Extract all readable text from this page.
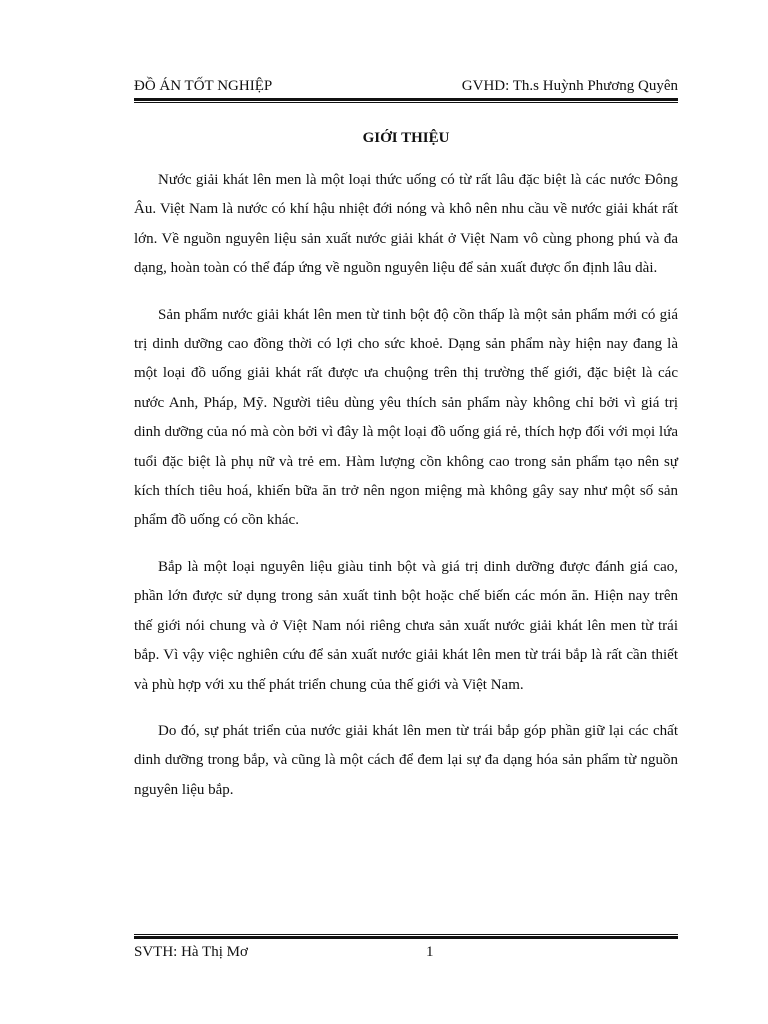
ĐỒ ÁN TỐT NGHIỆP	GVHD: Th.s Huỳnh Phương Quyên
GIỚI THIỆU

Nước giải khát lên men là một loại thức uống có từ rất lâu đặc biệt là các nước Đông Âu. Việt Nam là nước có khí hậu nhiệt đới nóng và khô nên nhu cầu về nước giải khát rất lớn. Về nguồn nguyên liệu sản xuất nước giải khát ở Việt Nam vô cùng phong phú và đa dạng, hoàn toàn có thể đáp ứng về nguồn nguyên liệu để sản xuất được ổn định lâu dài.

Sản phẩm nước giải khát lên men từ tinh bột độ cồn thấp là một sản phẩm mới có giá trị dinh dưỡng cao đồng thời có lợi cho sức khoẻ. Dạng sản phẩm này hiện nay đang là một loại đồ uống giải khát rất được ưa chuộng trên thị trường thế giới, đặc biệt là các nước Anh, Pháp, Mỹ. Người tiêu dùng yêu thích sản phẩm này không chỉ bởi vì giá trị dinh dưỡng của nó mà còn bởi vì đây là một loại đồ uống giá rẻ, thích hợp đối với mọi lứa tuổi đặc biệt là phụ nữ và trẻ em. Hàm lượng cồn không cao trong sản phẩm tạo nên sự kích thích tiêu hoá, khiến bữa ăn trở nên ngon miệng mà không gây say như một số sản phẩm đồ uống có cồn khác.

Bắp là một loại nguyên liệu giàu tinh bột và giá trị dinh dưỡng được đánh giá cao, phần lớn được sử dụng trong sản xuất tinh bột hoặc chế biến các món ăn. Hiện nay trên thế giới nói chung và ở Việt Nam nói riêng chưa sản xuất nước giải khát lên men từ trái bắp. Vì vậy việc nghiên cứu để sản xuất nước giải khát lên men từ trái bắp là rất cần thiết và phù hợp với xu thế phát triển chung của thế giới và Việt Nam.

Do đó, sự phát triển của nước giải khát lên men từ trái bắp góp phần giữ lại các chất dinh dưỡng trong bắp, và cũng là một cách để đem lại sự đa dạng hóa sản phẩm từ nguồn nguyên liệu bắp.

SVTH: Hà Thị Mơ	1
